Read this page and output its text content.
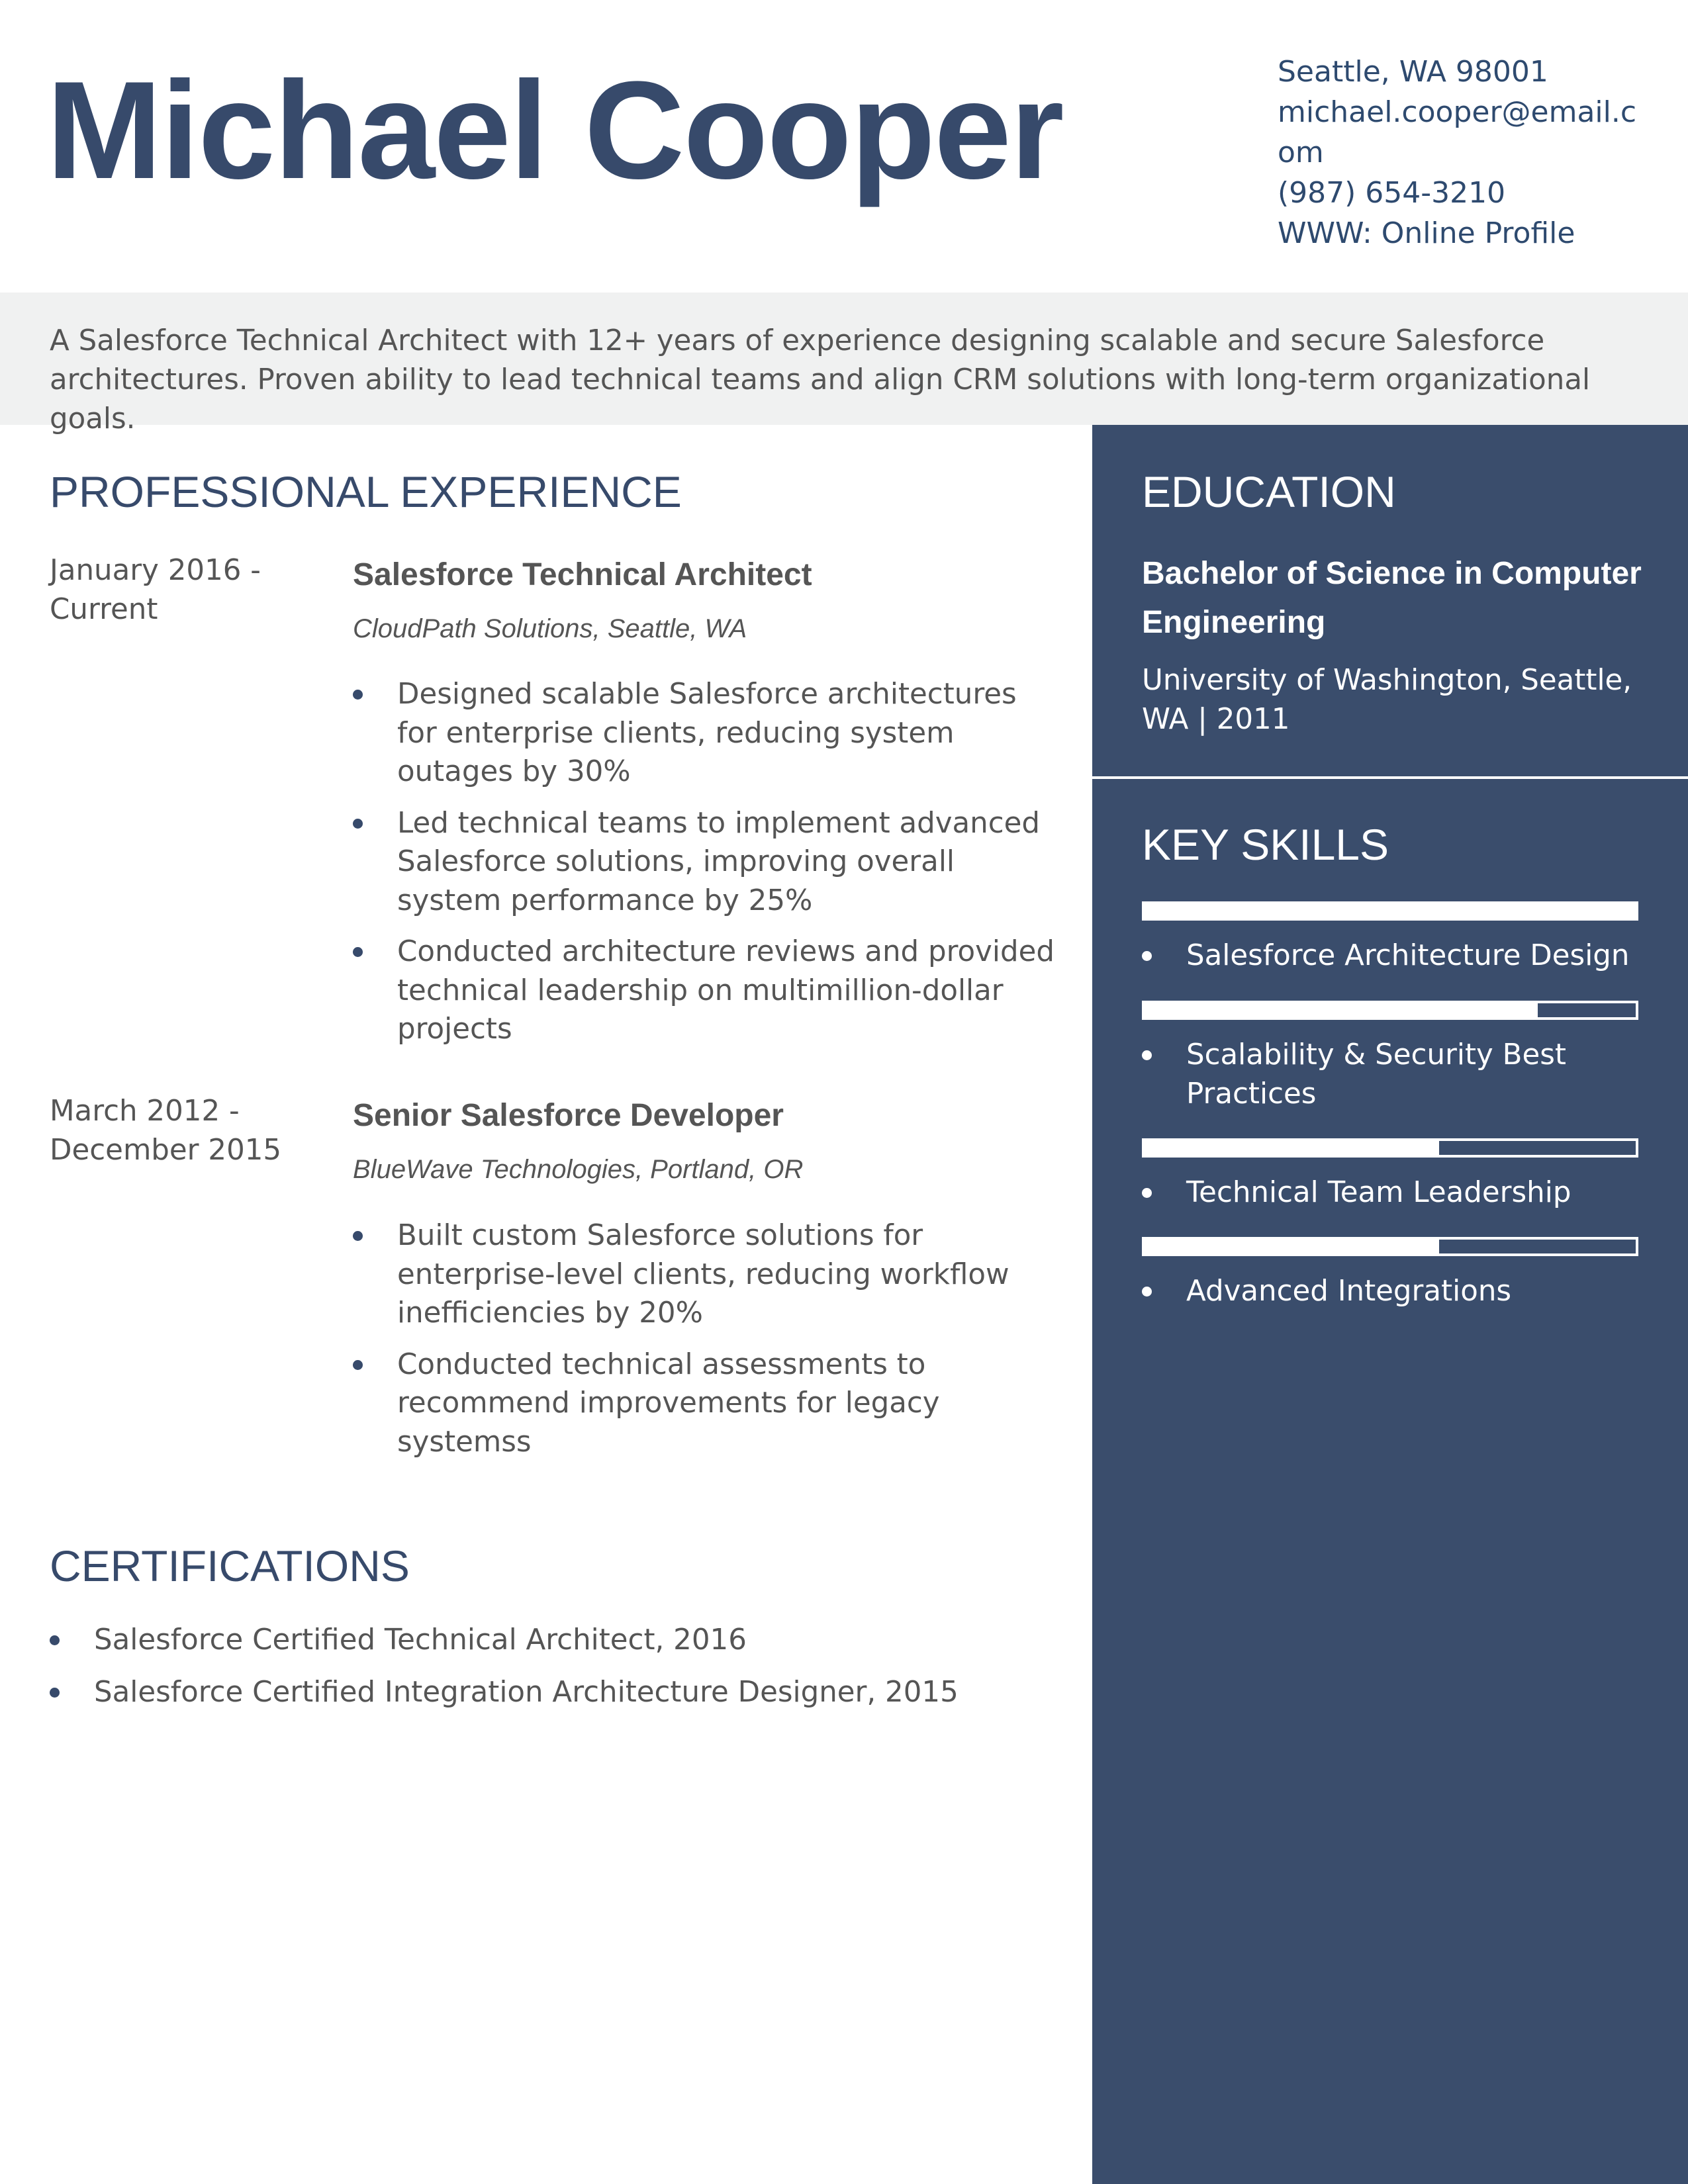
Michael Cooper	Seattle, WA 98001
michael.cooper@email.com
(987) 654-3210
WWW: Online Profile
A Salesforce Technical Architect with 12+ years of experience designing scalable and secure Salesforce architectures. Proven ability to lead technical teams and align CRM solutions with long-term organizational goals.
PROFESSIONAL EXPERIENCE
January 2016 - Current
Salesforce Technical Architect
CloudPath Solutions, Seattle, WA
Designed scalable Salesforce architectures for enterprise clients, reducing system outages by 30%
Led technical teams to implement advanced Salesforce solutions, improving overall system performance by 25%
Conducted architecture reviews and provided technical leadership on multimillion-dollar projects
March 2012 - December 2015
Senior Salesforce Developer
BlueWave Technologies, Portland, OR
Built custom Salesforce solutions for enterprise-level clients, reducing workflow inefficiencies by 20%
Conducted technical assessments to recommend improvements for legacy systemss
CERTIFICATIONS
Salesforce Certified Technical Architect, 2016
Salesforce Certified Integration Architecture Designer, 2015
EDUCATION
Bachelor of Science in Computer Engineering
University of Washington, Seattle, WA | 2011
KEY SKILLS
Salesforce Architecture Design
Scalability & Security Best Practices
Technical Team Leadership
Advanced Integrations
